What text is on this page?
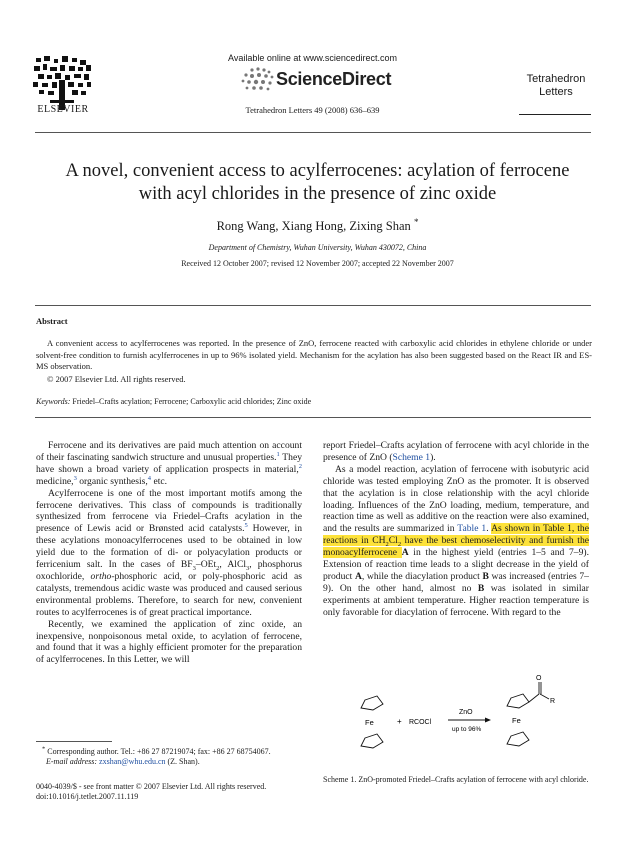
ELSEVIER
Available online at www.sciencedirect.com
ScienceDirect
Tetrahedron Letters 49 (2008) 636–639
Tetrahedron
Letters
A novel, convenient access to acylferrocenes: acylation of ferrocene
with acyl chlorides in the presence of zinc oxide
Rong Wang, Xiang Hong, Zixing Shan *
Department of Chemistry, Wuhan University, Wuhan 430072, China
Received 12 October 2007; revised 12 November 2007; accepted 22 November 2007
Abstract
A convenient access to acylferrocenes was reported. In the presence of ZnO, ferrocene reacted with carboxylic acid chlorides in ethylene chloride or under solvent-free condition to furnish acylferrocenes in up to 96% isolated yield. Mechanism for the acylation has also been suggested based on the React IR and ES-MS observation.
© 2007 Elsevier Ltd. All rights reserved.
Keywords: Friedel–Crafts acylation; Ferrocene; Carboxylic acid chlorides; Zinc oxide

Ferrocene and its derivatives are paid much attention on account of their fascinating sandwich structure and unusual properties.$^1$ They have shown a broad variety of application prospects in material,$^2$ medicine,$^3$ organic synthesis,$^4$ etc.

Acylferrocene is one of the most important motifs among the ferrocene derivatives. This class of compounds is traditionally synthesized from ferrocene via Friedel–Crafts acylation in the presence of Lewis acid or Brønsted acid catalysts.$^5$ However, in these acylations monoacylferrocenes used to be obtained in low yield due to the formation of di- or polyacylation products or ferricenium salt. In the cases of $BF_3-OEt_2$, AlCl$_3$, phosphorus oxochloride, ortho-phosphoric acid, or poly-phosphoric acid as catalysts, tremendous acidic waste was produced and caused serious environmental problems. Therefore, to search for new, convenient routes to acylferrocenes is of great practical importance.

Recently, we examined the application of zinc oxide, an inexpensive, nonpoisonous metal oxide, to acylation of ferrocene, and found that it was a highly efficient promoter for the preparation of acylferrocenes. In this Letter, we will

report Friedel–Crafts acylation of ferrocene with acyl chloride in the presence of ZnO (Scheme 1).

As a model reaction, acylation of ferrocene with isobutyric acid chloride was tested employing ZnO as the promoter. It is observed that the acylation is in close relationship with the acyl chloride loading. Influences of the ZnO loading, medium, temperature, and reaction time as well as additive on the reaction were also examined, and the results are summarized in Table 1. As shown in Table 1, the reactions in $CH_2Cl_2$ have the best chemoselectivity and furnish the monoacylferrocene A in the highest yield (entries 1–5 and 7–9). Extension of reaction time leads to a slight decrease in the yield of product A, while the diacylation product B was increased (entries 7–9). On the other hand, almost no B was isolated in similar experiments at ambient temperature. Higher reaction temperature is only favorable for diacylation of ferrocene. With regard to the

Fe	+ RCOCl
ZnO
up to 96%
O
R
Fe
Scheme 1. ZnO-promoted Friedel–Crafts acylation of ferrocene with acyl chloride.
* Corresponding author. Tel.: +86 27 87219074; fax: +86 27 68754067.
E-mail address: zxshan@whu.edu.cn (Z. Shan).
0040-4039/$ - see front matter © 2007 Elsevier Ltd. All rights reserved.
doi:10.1016/j.tetlet.2007.11.119
